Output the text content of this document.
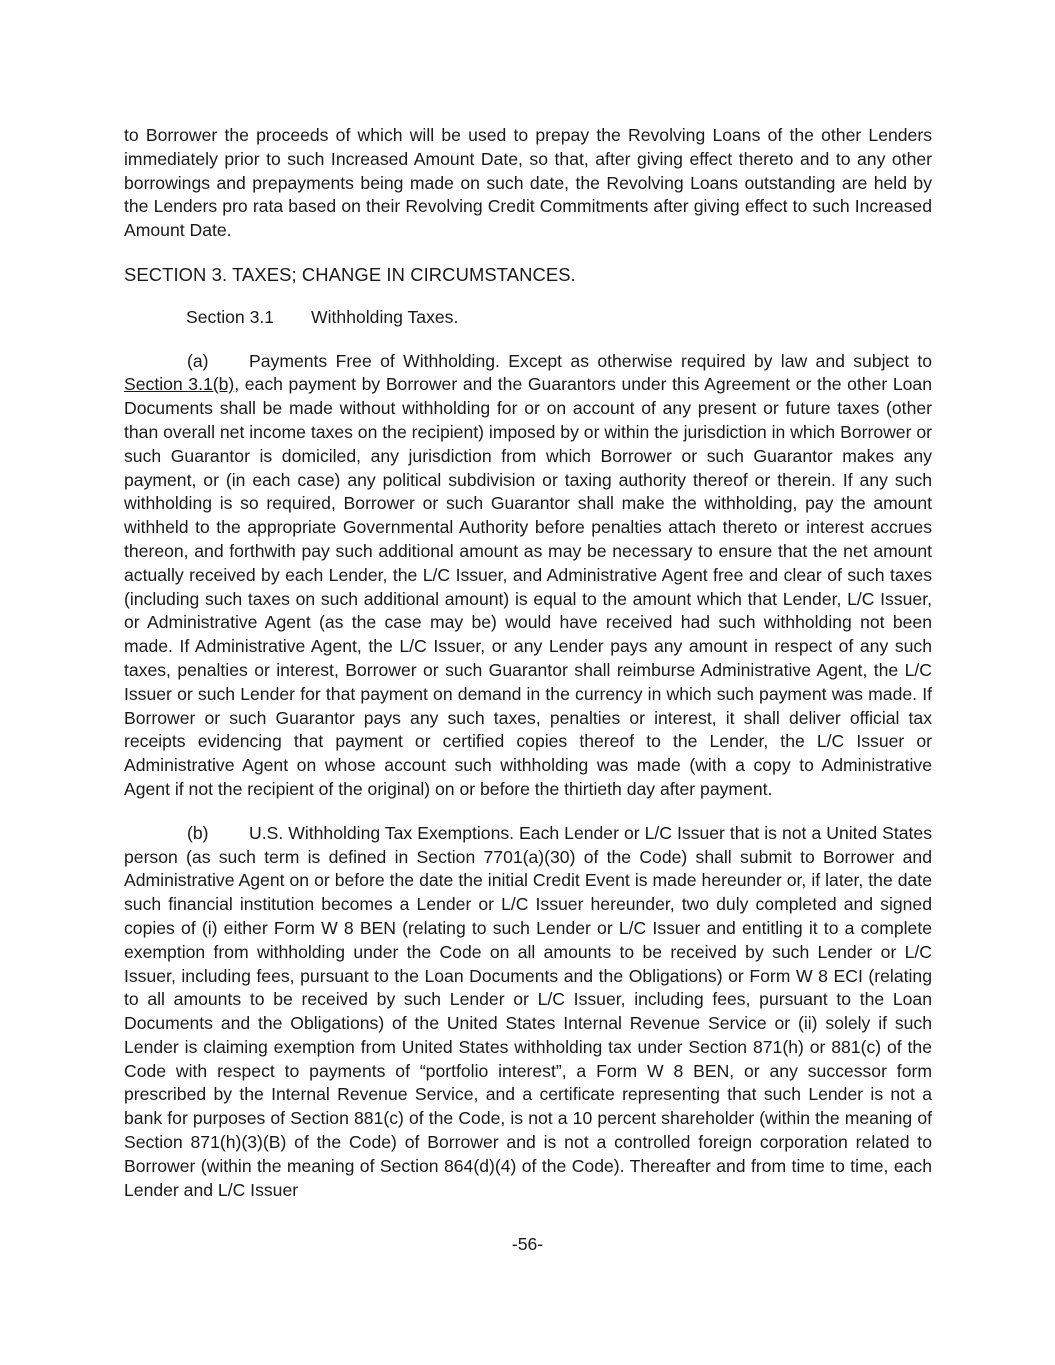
to Borrower the proceeds of which will be used to prepay the Revolving Loans of the other Lenders immediately prior to such Increased Amount Date, so that, after giving effect thereto and to any other borrowings and prepayments being made on such date, the Revolving Loans outstanding are held by the Lenders pro rata based on their Revolving Credit Commitments after giving effect to such Increased Amount Date.

SECTION 3. TAXES; CHANGE IN CIRCUMSTANCES.
Section 3.1 Withholding Taxes.

(a) Payments Free of Withholding. Except as otherwise required by law and subject to Section 3.1(b), each payment by Borrower and the Guarantors under this Agreement or the other Loan Documents shall be made without withholding for or on account of any present or future taxes (other than overall net income taxes on the recipient) imposed by or within the jurisdiction in which Borrower or such Guarantor is domiciled, any jurisdiction from which Borrower or such Guarantor makes any payment, or (in each case) any political subdivision or taxing authority thereof or therein. If any such withholding is so required, Borrower or such Guarantor shall make the withholding, pay the amount withheld to the appropriate Governmental Authority before penalties attach thereto or interest accrues thereon, and forthwith pay such additional amount as may be necessary to ensure that the net amount actually received by each Lender, the L/C Issuer, and Administrative Agent free and clear of such taxes (including such taxes on such additional amount) is equal to the amount which that Lender, L/C Issuer, or Administrative Agent (as the case may be) would have received had such withholding not been made. If Administrative Agent, the L/C Issuer, or any Lender pays any amount in respect of any such taxes, penalties or interest, Borrower or such Guarantor shall reimburse Administrative Agent, the L/C Issuer or such Lender for that payment on demand in the currency in which such payment was made. If Borrower or such Guarantor pays any such taxes, penalties or interest, it shall deliver official tax receipts evidencing that payment or certified copies thereof to the Lender, the L/C Issuer or Administrative Agent on whose account such withholding was made (with a copy to Administrative Agent if not the recipient of the original) on or before the thirtieth day after payment.

(b) U.S. Withholding Tax Exemptions. Each Lender or L/C Issuer that is not a United States person (as such term is defined in Section 7701(a)(30) of the Code) shall submit to Borrower and Administrative Agent on or before the date the initial Credit Event is made hereunder or, if later, the date such financial institution becomes a Lender or L/C Issuer hereunder, two duly completed and signed copies of (i) either Form W 8 BEN (relating to such Lender or L/C Issuer and entitling it to a complete exemption from withholding under the Code on all amounts to be received by such Lender or L/C Issuer, including fees, pursuant to the Loan Documents and the Obligations) or Form W 8 ECI (relating to all amounts to be received by such Lender or L/C Issuer, including fees, pursuant to the Loan Documents and the Obligations) of the United States Internal Revenue Service or (ii) solely if such Lender is claiming exemption from United States withholding tax under Section 871(h) or 881(c) of the Code with respect to payments of “portfolio interest”, a Form W 8 BEN, or any successor form prescribed by the Internal Revenue Service, and a certificate representing that such Lender is not a bank for purposes of Section 881(c) of the Code, is not a 10 percent shareholder (within the meaning of Section 871(h)(3)(B) of the Code) of Borrower and is not a controlled foreign corporation related to Borrower (within the meaning of Section 864(d)(4) of the Code). Thereafter and from time to time, each Lender and L/C Issuer

-56-
